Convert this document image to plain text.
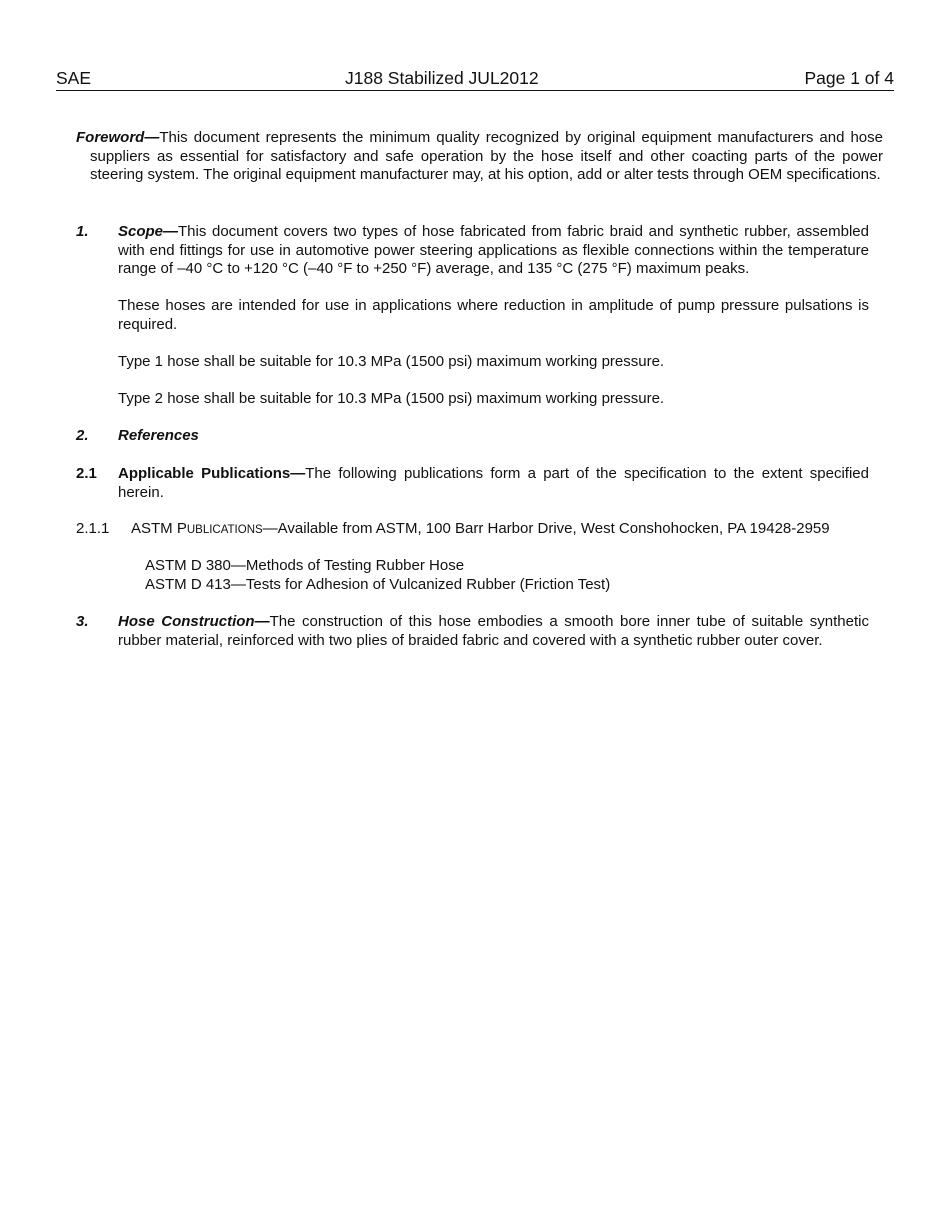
SAE	J188 Stabilized JUL2012	Page 1 of 4
Foreword—This document represents the minimum quality recognized by original equipment manufacturers and hose suppliers as essential for satisfactory and safe operation by the hose itself and other coacting parts of the power steering system. The original equipment manufacturer may, at his option, add or alter tests through OEM specifications.
1. Scope—This document covers two types of hose fabricated from fabric braid and synthetic rubber, assembled with end fittings for use in automotive power steering applications as flexible connections within the temperature range of –40 °C to +120 °C (–40 °F to +250 °F) average, and 135 °C (275 °F) maximum peaks.
These hoses are intended for use in applications where reduction in amplitude of pump pressure pulsations is required.
Type 1 hose shall be suitable for 10.3 MPa (1500 psi) maximum working pressure.
Type 2 hose shall be suitable for 10.3 MPa (1500 psi) maximum working pressure.
2. References
2.1 Applicable Publications—The following publications form a part of the specification to the extent specified herein.
2.1.1 ASTM PUBLICATIONS—Available from ASTM, 100 Barr Harbor Drive, West Conshohocken, PA 19428-2959
ASTM D 380—Methods of Testing Rubber Hose
ASTM D 413—Tests for Adhesion of Vulcanized Rubber (Friction Test)
3. Hose Construction—The construction of this hose embodies a smooth bore inner tube of suitable synthetic rubber material, reinforced with two plies of braided fabric and covered with a synthetic rubber outer cover.
